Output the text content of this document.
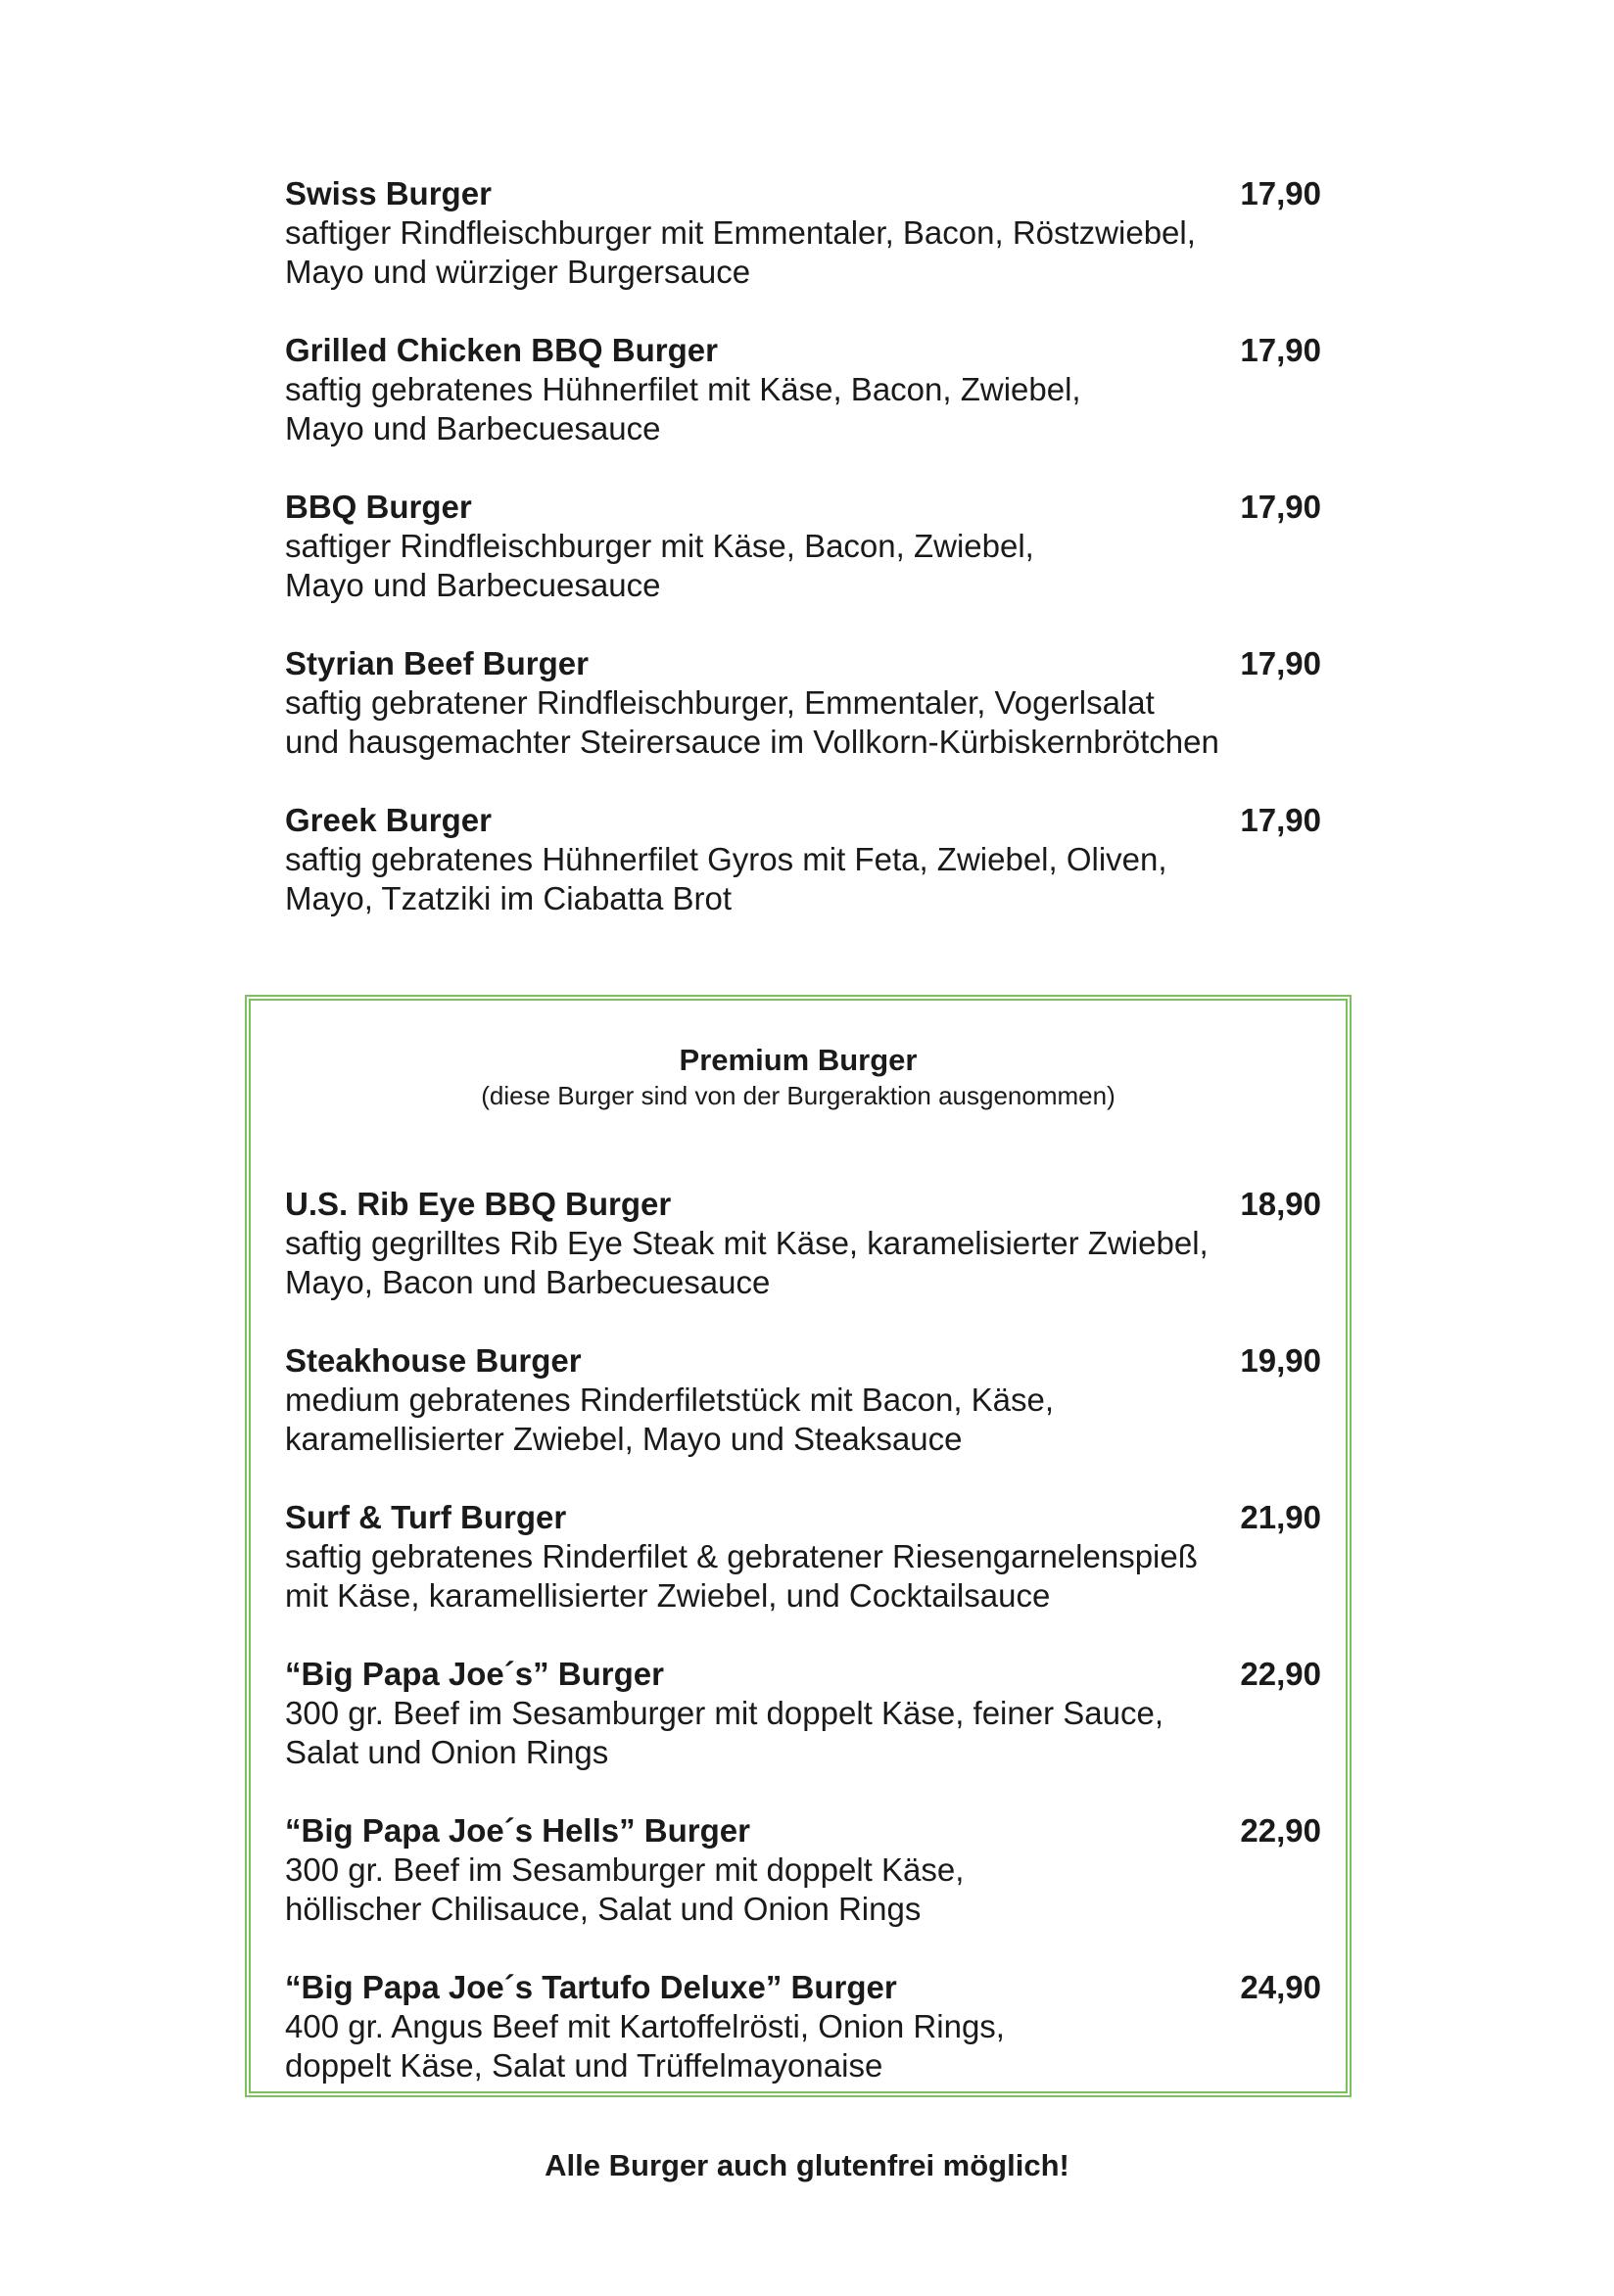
Swiss Burger	17,90
saftiger Rindfleischburger mit Emmentaler, Bacon, Röstzwiebel,
Mayo und würziger Burgersauce
Grilled Chicken BBQ Burger	17,90
saftig gebratenes Hühnerfilet mit Käse, Bacon, Zwiebel,
Mayo und Barbecuesauce
BBQ Burger	17,90
saftiger Rindfleischburger mit Käse, Bacon, Zwiebel,
Mayo und Barbecuesauce
Styrian Beef Burger	17,90
saftig gebratener Rindfleischburger, Emmentaler, Vogerlsalat
und hausgemachter Steirersauce im Vollkorn-Kürbiskernbrötchen
Greek Burger	17,90
saftig gebratenes Hühnerfilet Gyros mit Feta, Zwiebel, Oliven,
Mayo, Tzatziki im Ciabatta Brot
Premium Burger
(diese Burger sind von der Burgeraktion ausgenommen)
U.S. Rib Eye BBQ Burger	18,90
saftig gegrilltes Rib Eye Steak mit Käse, karamelisierter Zwiebel,
Mayo, Bacon und Barbecuesauce
Steakhouse Burger	19,90
medium gebratenes Rinderfiletstück mit Bacon, Käse,
karamellisierter Zwiebel, Mayo und Steaksauce
Surf & Turf Burger	21,90
saftig gebratenes Rinderfilet & gebratener Riesengarnelenspieß
mit Käse, karamellisierter Zwiebel, und Cocktailsauce
“Big Papa Joe´s” Burger	22,90
300 gr. Beef im Sesamburger mit doppelt Käse, feiner Sauce,
Salat und Onion Rings
“Big Papa Joe´s Hells” Burger	22,90
300 gr. Beef im Sesamburger mit doppelt Käse,
höllischer Chilisauce, Salat und Onion Rings
“Big Papa Joe´s Tartufo Deluxe” Burger	24,90
400 gr. Angus Beef mit Kartoffelrösti, Onion Rings,
doppelt Käse, Salat und Trüffelmayonaise
Alle Burger auch glutenfrei möglich!
